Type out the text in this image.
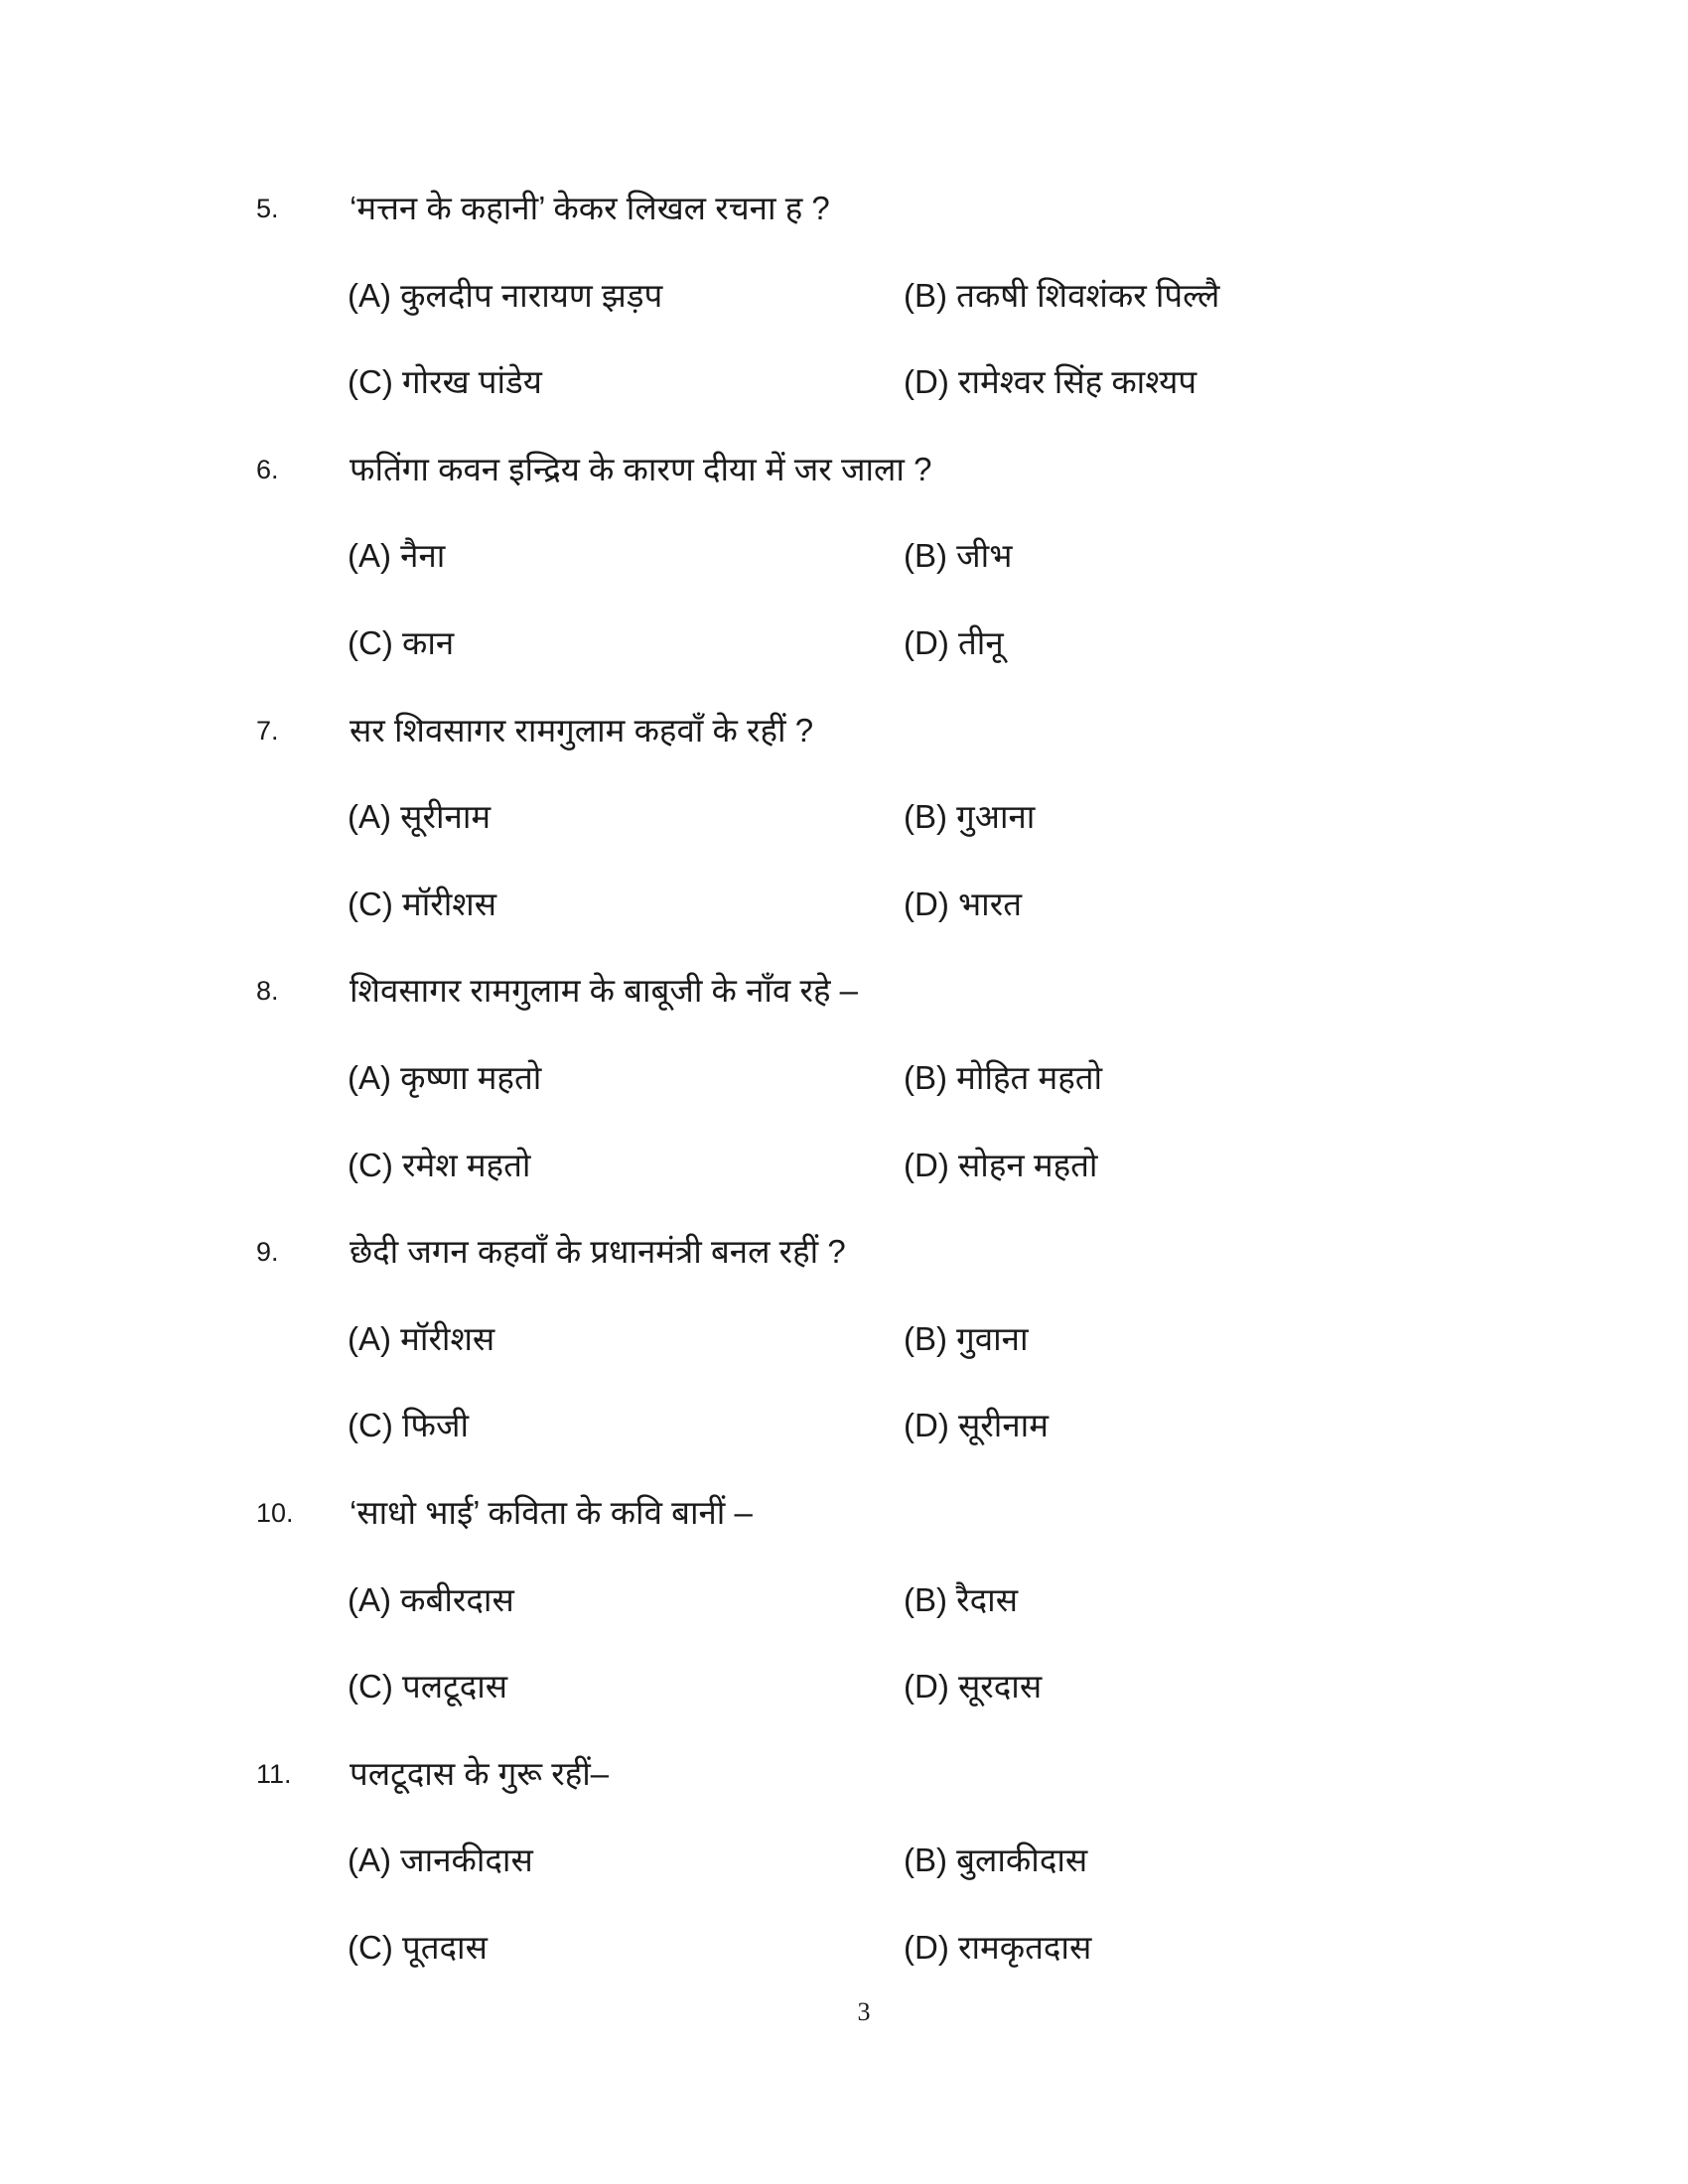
5. ‘मत्तन के कहानी’ केकर लिखल रचना ह ?
(A) कुलदीप नारायण झड़प	(B) तकषी शिवशंकर पिल्लै
(C) गोरख पांडेय	(D) रामेश्वर सिंह काश्यप
6. फतिंगा कवन इन्द्रिय के कारण दीया में जर जाला ?
(A) नैना	(B) जीभ
(C) कान	(D) तीनू
7. सर शिवसागर रामगुलाम कहवाँ के रहीं ?
(A) सूरीनाम	(B) गुआना
(C) मॉरीशस	(D) भारत
8. शिवसागर रामगुलाम के बाबूजी के नाँव रहे –
(A) कृष्णा महतो	(B) मोहित महतो
(C) रमेश महतो	(D) सोहन महतो
9. छेदी जगन कहवाँ के प्रधानमंत्री बनल रहीं ?
(A) मॉरीशस	(B) गुवाना
(C) फिजी	(D) सूरीनाम
10. ‘साधो भाई’ कविता के कवि बानीं –
(A) कबीरदास	(B) रैदास
(C) पलटूदास	(D) सूरदास
11. पलटूदास के गुरू रहीं–
(A) जानकीदास	(B) बुलाकीदास
(C) पूतदास	(D) रामकृतदास
3
